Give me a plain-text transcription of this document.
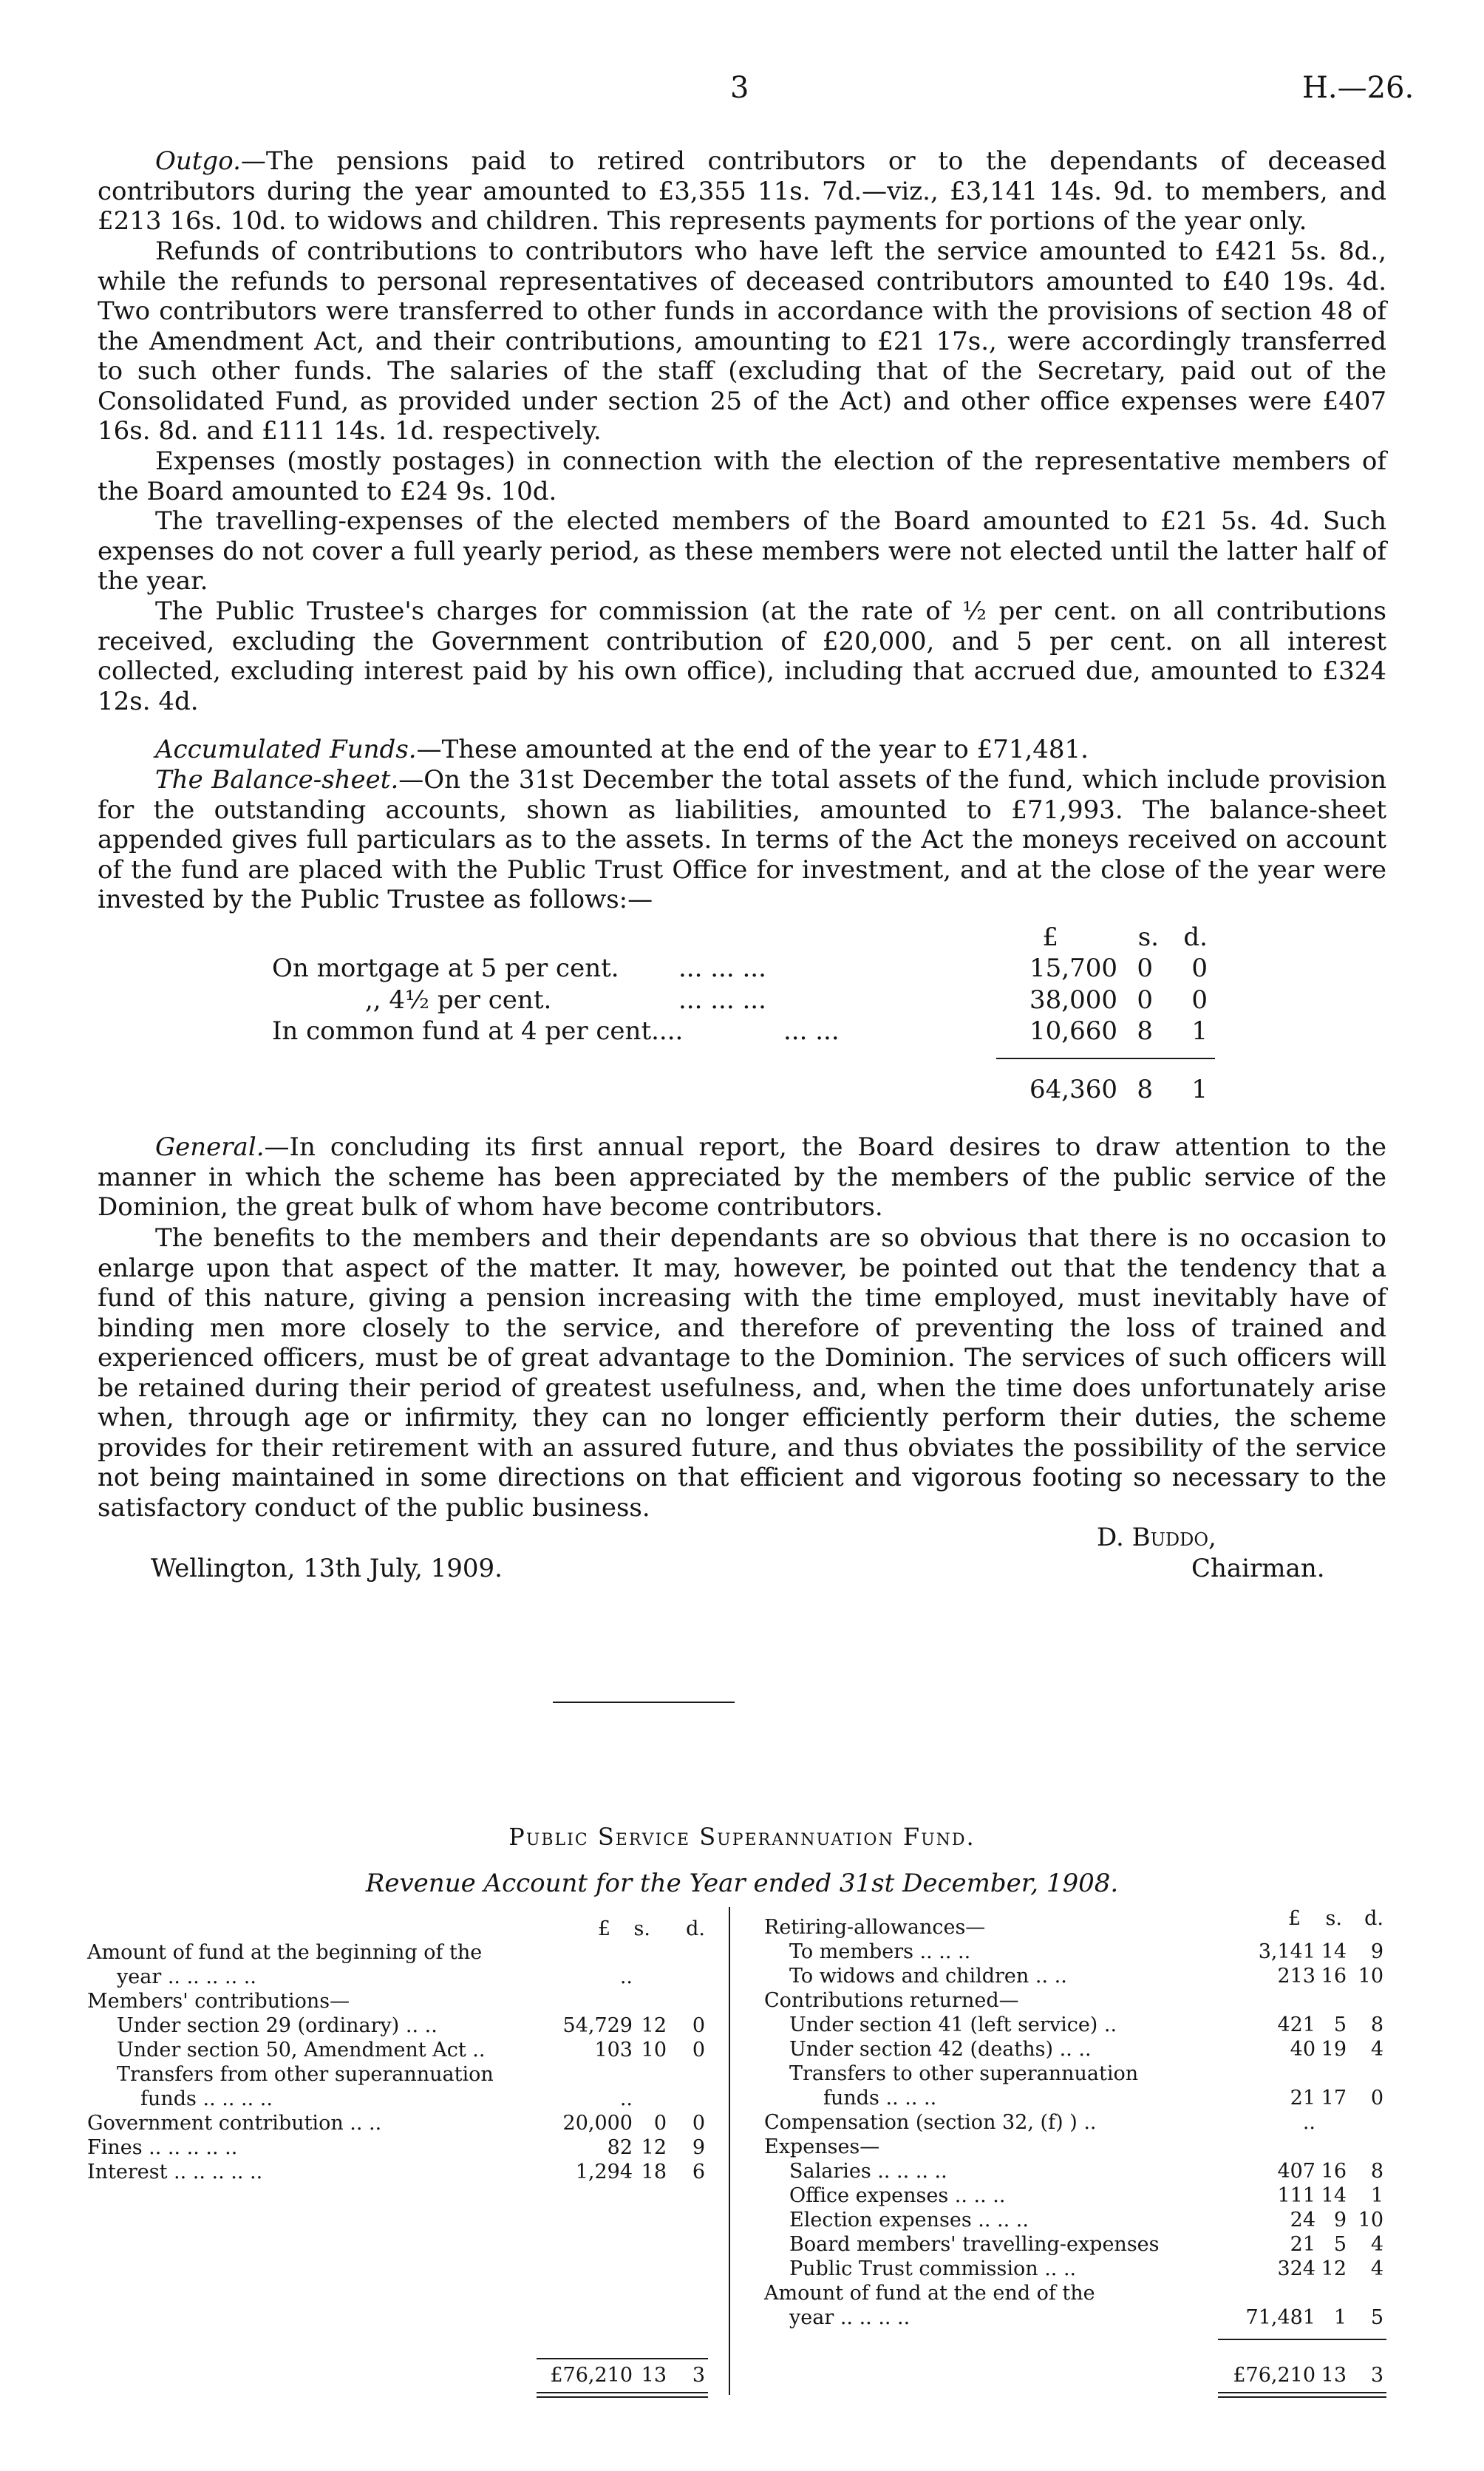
3	H.—26.

Outgo.—The pensions paid to retired contributors or to the dependants of deceased contributors during the year amounted to £3,355 11s. 7d.—viz., £3,141 14s. 9d. to members, and £213 16s. 10d. to widows and children. This represents payments for portions of the year only.

Refunds of contributions to contributors who have left the service amounted to £421 5s. 8d., while the refunds to personal representatives of deceased contributors amounted to £40 19s. 4d. Two contributors were transferred to other funds in accordance with the provisions of section 48 of the Amendment Act, and their contributions, amounting to £21 17s., were accordingly transferred to such other funds. The salaries of the staff (excluding that of the Secretary, paid out of the Consolidated Fund, as provided under section 25 of the Act) and other office expenses were £407 16s. 8d. and £111 14s. 1d. respectively.

Expenses (mostly postages) in connection with the election of the representative members of the Board amounted to £24 9s. 10d.

The travelling-expenses of the elected members of the Board amounted to £21 5s. 4d. Such expenses do not cover a full yearly period, as these members were not elected until the latter half of the year.

The Public Trustee's charges for commission (at the rate of ½ per cent. on all contributions received, excluding the Government contribution of £20,000, and 5 per cent. on all interest collected, excluding interest paid by his own office), including that accrued due, amounted to £324 12s. 4d.

Accumulated Funds.—These amounted at the end of the year to £71,481.

The Balance-sheet.—On the 31st December the total assets of the fund, which include provision for the outstanding accounts, shown as liabilities, amounted to £71,993. The balance-sheet appended gives full particulars as to the assets. In terms of the Act the moneys received on account of the fund are placed with the Public Trust Office for investment, and at the close of the year were invested by the Public Trustee as follows:—

£	s. d.
On mortgage at 5 per cent. ... ... ...	15,700 0	0
,, 4½ per cent.	... ... ...	38,000 0	0
In common fund at 4 per cent....	... ...	10,660 8	1
64,360 8	1

General.—In concluding its first annual report, the Board desires to draw attention to the manner in which the scheme has been appreciated by the members of the public service of the Dominion, the great bulk of whom have become contributors.

The benefits to the members and their dependants are so obvious that there is no occasion to enlarge upon that aspect of the matter. It may, however, be pointed out that the tendency that a fund of this nature, giving a pension increasing with the time employed, must inevitably have of binding men more closely to the service, and therefore of preventing the loss of trained and experienced officers, must be of great advantage to the Dominion. The services of such officers will be retained during their period of greatest usefulness, and, when the time does unfortunately arise when, through age or infirmity, they can no longer efficiently perform their duties, the scheme provides for their retirement with an assured future, and thus obviates the possibility of the service not being maintained in some directions on that efficient and vigorous footing so necessary to the satisfactory conduct of the public business.

D. Buddo,
Wellington, 13th July, 1909.	Chairman.
Public Service Superannuation Fund.
Revenue Account for the Year ended 31st December, 1908.
£	s.	d.
Amount of fund at the beginning of the
year .. .. .. .. ..	..
Members' contributions—
Under section 29 (ordinary) .. ..	54,729 12	0
Under section 50, Amendment Act ..	103 10	0
Transfers from other superannuation
funds .. .. .. ..	..
Government contribution .. ..	20,000	0	0
Fines .. .. .. .. ..	82 12	9
Interest .. .. .. .. ..	1,294 18	6
£76,210 13	3
£	s.	d.
Retiring-allowances—
To members .. .. ..	3,141 14	9
To widows and children .. ..	213 16 10
Contributions returned—
Under section 41 (left service) ..	421 5	8
Under section 42 (deaths) .. ..	40 19	4
Transfers to other superannuation
funds .. .. ..	21 17	0
Compensation (section 32, (f) ) ..	..
Expenses—
Salaries .. .. .. ..	407 16	8
Office expenses .. .. ..	111 14	1
Election expenses .. .. ..	24 9 10
Board members' travelling-expenses	21 5	4
Public Trust commission .. ..	324 12	4
Amount of fund at the end of the
year .. .. .. ..	71,481 1	5
£76,210 13	3
